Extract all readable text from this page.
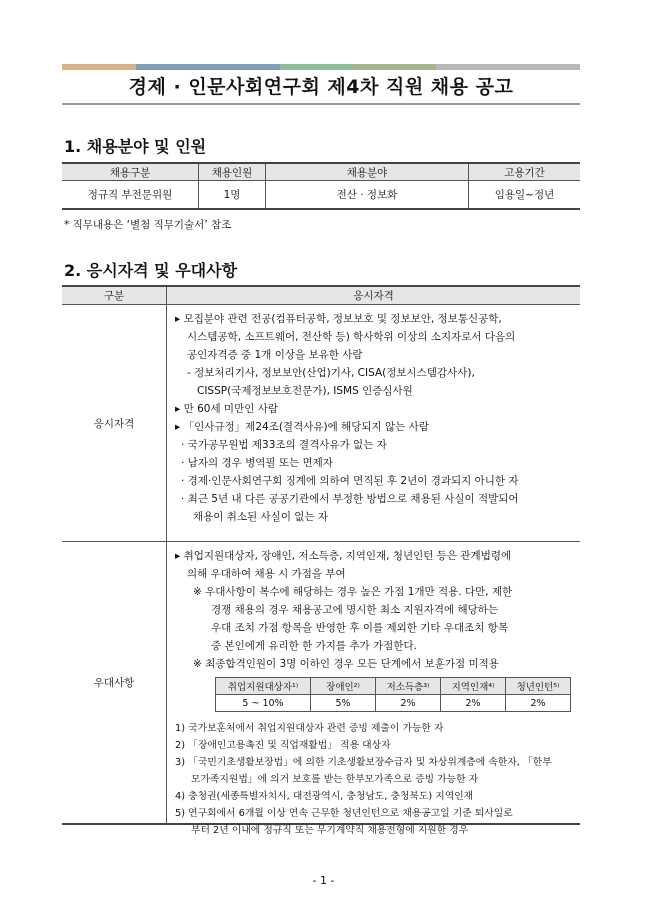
경제 · 인문사회연구회 제4차 직원 채용 공고
1. 채용분야 및 인원
채용구분	채용인원	채용분야	고용기간
정규직 부전문위원	1명	전산 · 정보화	임용일~정년
* 직무내용은 ‘별첨 직무기술서’ 참조
2. 응시자격 및 우대사항
구분	응시자격
응시자격	
▸ 모집분야 관련 전공(컴퓨터공학, 정보보호 및 정보보안, 정보통신공학,
시스템공학, 소프트웨어, 전산학 등) 학사학위 이상의 소지자로서 다음의
공인자격증 중 1개 이상을 보유한 사람
- 정보처리기사, 정보보안(산업)기사, CISA(정보시스템감사사),
CISSP(국제정보보호전문가), ISMS 인증심사원
▸ 만 60세 미만인 사람
▸ 「인사규정」제24조(결격사유)에 해당되지 않는 사람
· 국가공무원법 제33조의 결격사유가 없는 자
· 남자의 경우 병역필 또는 면제자
· 경제·인문사회연구회 징계에 의하여 면직된 후 2년이 경과되지 아니한 자
· 최근 5년 내 다른 공공기관에서 부정한 방법으로 채용된 사실이 적발되어
채용이 취소된 사실이 없는 자

우대사항	
▸ 취업지원대상자, 장애인, 저소득층, 지역인재, 청년인턴 등은 관계법령에
의해 우대하여 채용 시 가점을 부여
※ 우대사항이 복수에 해당하는 경우 높은 가점 1개만 적용. 다만, 제한
경쟁 채용의 경우 채용공고에 명시한 최소 지원자격에 해당하는
우대 조치 가점 항목을 반영한 후 이를 제외한 기타 우대조치 항목
중 본인에게 유리한 한 가지를 추가 가점한다.
※ 최종합격인원이 3명 이하인 경우 모든 단계에서 보훈가점 미적용
취업지원대상자¹⁾	장애인²⁾	저소득층³⁾	지역인재⁴⁾	청년인턴⁵⁾
5 ~ 10%	5%	2%	2%	2%
1) 국가보훈처에서 취업지원대상자 관련 증빙 제출이 가능한 자
2) 「장애인고용촉진 및 직업재활법」 적용 대상자
3) 「국민기초생활보장법」에 의한 기초생활보장수급자 및 차상위계층에 속한자, 「한부
모가족지원법」에 의거 보호를 받는 한부모가족으로 증빙 가능한 자
4) 충청권(세종특별자치시, 대전광역시, 충청남도, 충청북도) 지역인재
5) 연구회에서 6개월 이상 연속 근무한 청년인턴으로 채용공고일 기준 퇴사일로
부터 2년 이내에 정규직 또는 무기계약직 채용전형에 지원한 경우
- 1 -
